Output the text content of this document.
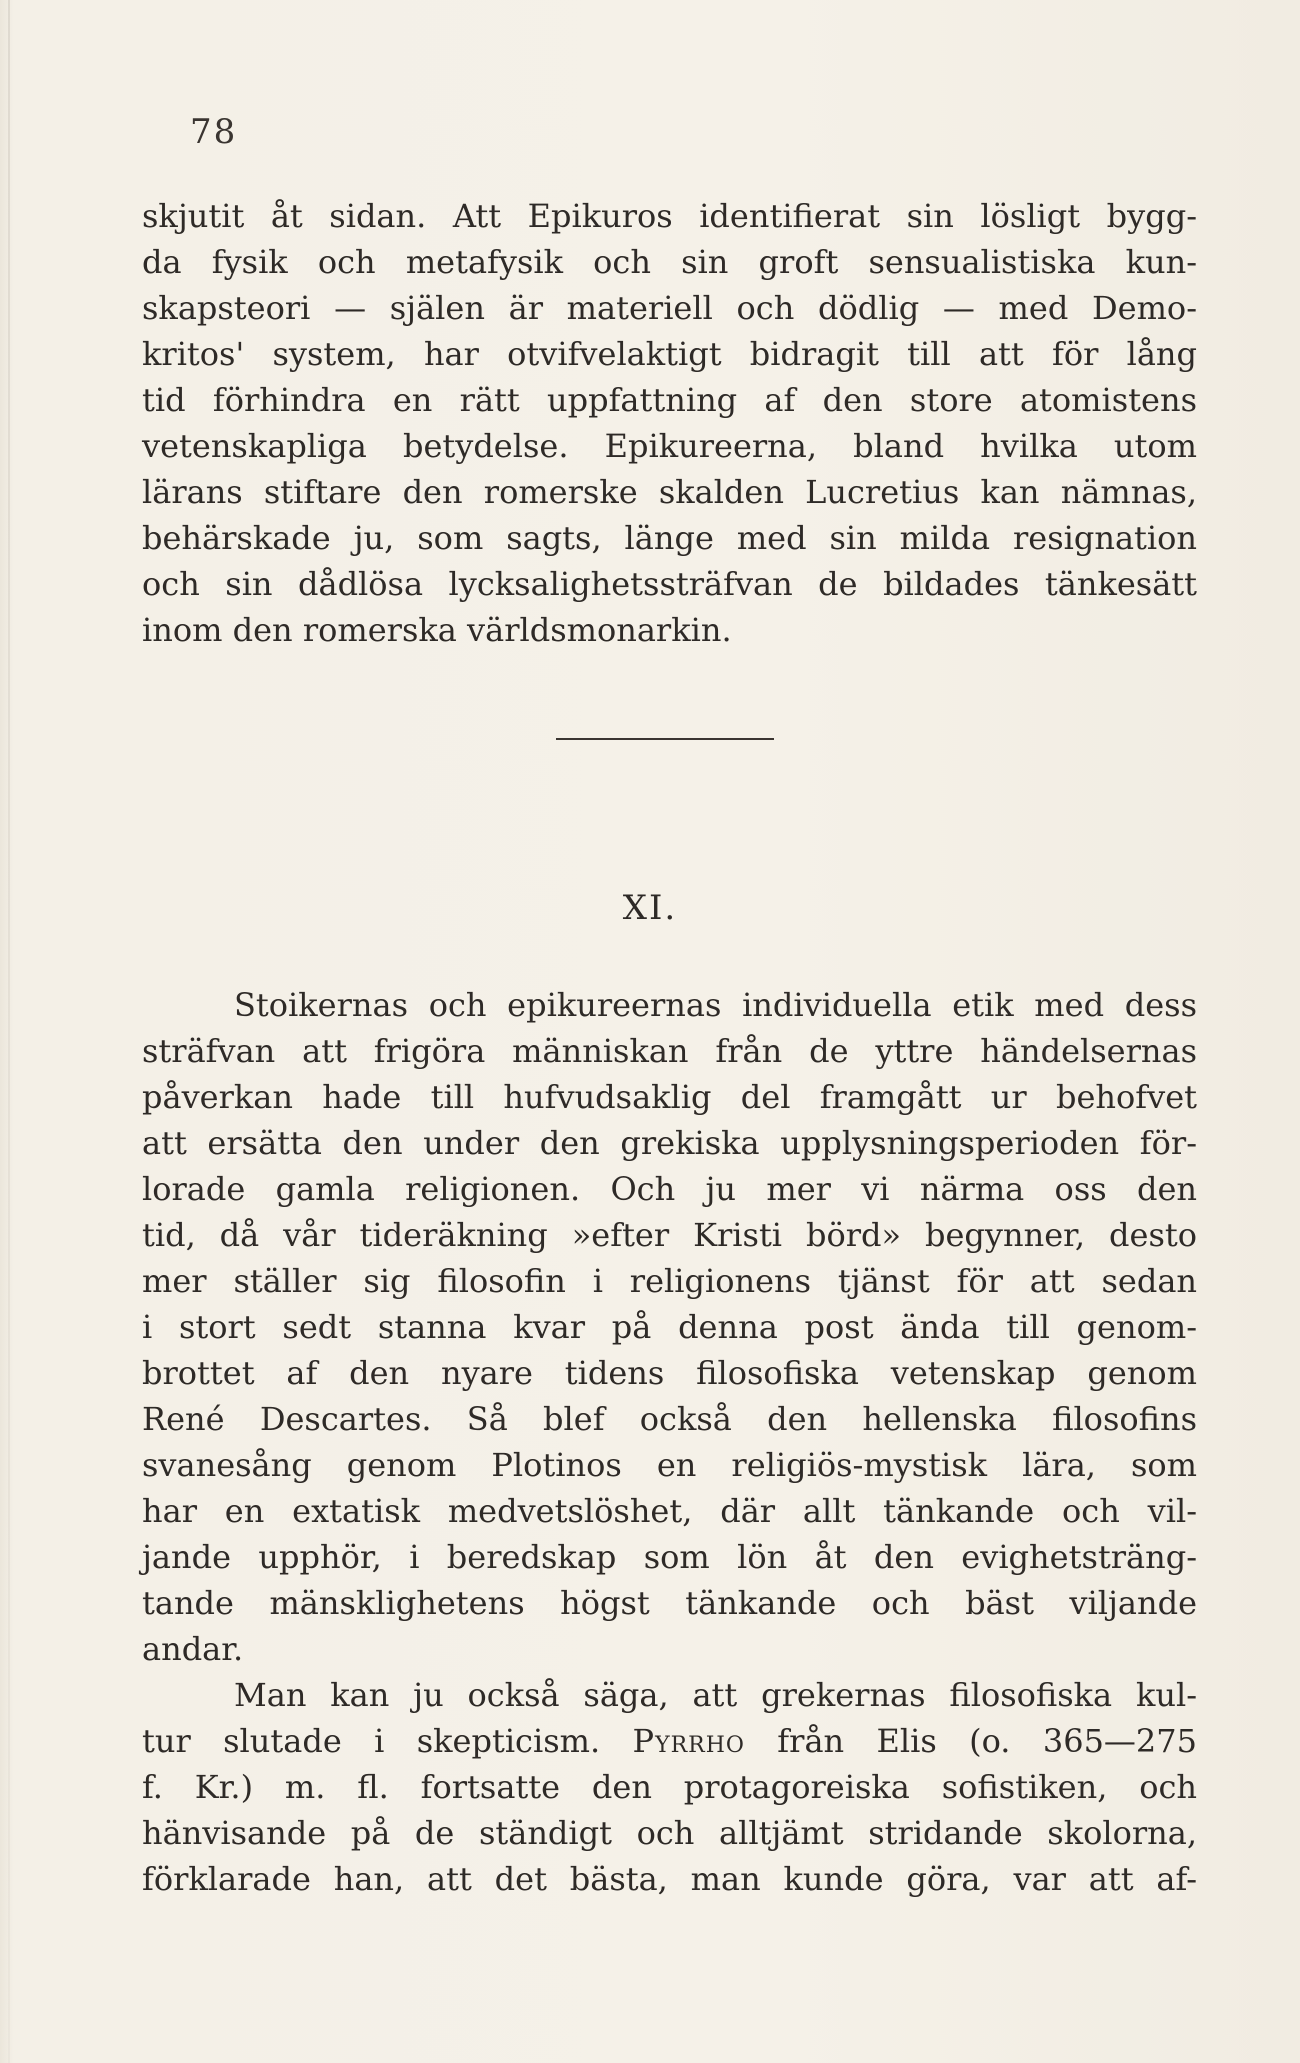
78
skjutit åt sidan. Att Epikuros identifierat sin lösligt bygg-
da fysik och metafysik och sin groft sensualistiska kun-
skapsteori — själen är materiell och dödlig — med Demo-
kritos' system, har otvifvelaktigt bidragit till att för lång
tid förhindra en rätt uppfattning af den store atomistens
vetenskapliga betydelse. Epikureerna, bland hvilka utom
lärans stiftare den romerske skalden Lucretius kan nämnas,
behärskade ju, som sagts, länge med sin milda resignation
och sin dådlösa lycksalighetssträfvan de bildades tänkesätt
inom den romerska världsmonarkin.
XI.
Stoikernas och epikureernas individuella etik med dess
sträfvan att frigöra människan från de yttre händelsernas
påverkan hade till hufvudsaklig del framgått ur behofvet
att ersätta den under den grekiska upplysningsperioden för-
lorade gamla religionen. Och ju mer vi närma oss den
tid, då vår tideräkning »efter Kristi börd» begynner, desto
mer ställer sig filosofin i religionens tjänst för att sedan
i stort sedt stanna kvar på denna post ända till genom-
brottet af den nyare tidens filosofiska vetenskap genom
René Descartes. Så blef också den hellenska filosofins
svanesång genom Plotinos en religiös-mystisk lära, som
har en extatisk medvetslöshet, där allt tänkande och vil-
jande upphör, i beredskap som lön åt den evighetsträng-
tande mänsklighetens högst tänkande och bäst viljande
andar.
Man kan ju också säga, att grekernas filosofiska kul-
tur slutade i skepticism. Pyrrho från Elis (o. 365—275
f. Kr.) m. fl. fortsatte den protagoreiska sofistiken, och
hänvisande på de ständigt och alltjämt stridande skolorna,
förklarade han, att det bästa, man kunde göra, var att af-
